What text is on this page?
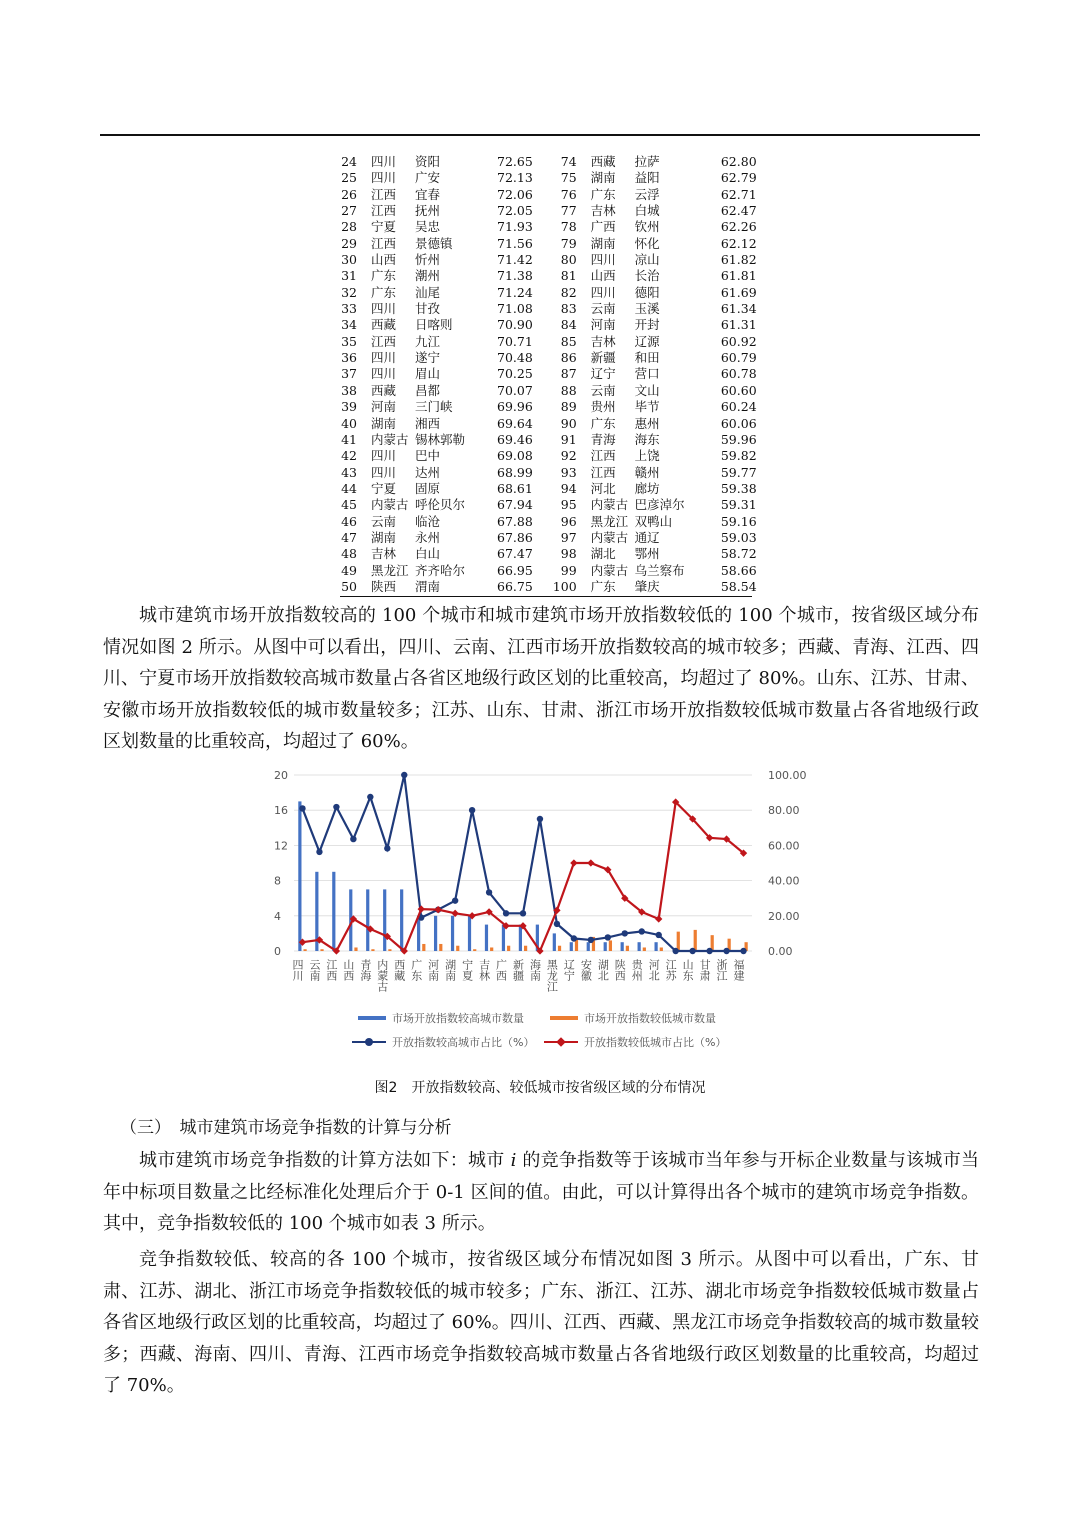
24	四川	资阳	72.65	74	西藏	拉萨	62.80
25	四川	广安	72.13	75	湖南	益阳	62.79
26	江西	宜春	72.06	76	广东	云浮	62.71
27	江西	抚州	72.05	77	吉林	白城	62.47
28	宁夏	吴忠	71.93	78	广西	钦州	62.26
29	江西	景德镇	71.56	79	湖南	怀化	62.12
30	山西	忻州	71.42	80	四川	凉山	61.82
31	广东	潮州	71.38	81	山西	长治	61.81
32	广东	汕尾	71.24	82	四川	德阳	61.69
33	四川	甘孜	71.08	83	云南	玉溪	61.34
34	西藏	日喀则	70.90	84	河南	开封	61.31
35	江西	九江	70.71	85	吉林	辽源	60.92
36	四川	遂宁	70.48	86	新疆	和田	60.79
37	四川	眉山	70.25	87	辽宁	营口	60.78
38	西藏	昌都	70.07	88	云南	文山	60.60
39	河南	三门峡	69.96	89	贵州	毕节	60.24
40	湖南	湘西	69.64	90	广东	惠州	60.06
41	内蒙古	锡林郭勒	69.46	91	青海	海东	59.96
42	四川	巴中	69.08	92	江西	上饶	59.82
43	四川	达州	68.99	93	江西	赣州	59.77
44	宁夏	固原	68.61	94	河北	廊坊	59.38
45	内蒙古	呼伦贝尔	67.94	95	内蒙古	巴彦淖尔	59.31
46	云南	临沧	67.88	96	黑龙江	双鸭山	59.16
47	湖南	永州	67.86	97	内蒙古	通辽	59.03
48	吉林	白山	67.47	98	湖北	鄂州	58.72
49	黑龙江	齐齐哈尔	66.95	99	内蒙古	乌兰察布	58.66
50	陕西	渭南	66.75	100	广东	肇庆	58.54

城市建筑市场开放指数较高的 100 个城市和城市建筑市场开放指数较低的 100 个城市，按省级区域分布情况如图 2 所示。从图中可以看出，四川、云南、江西市场开放指数较高的城市较多；西藏、青海、江西、四川、宁夏市场开放指数较高城市数量占各省区地级行政区划的比重较高，均超过了 80%。山东、江苏、甘肃、安徽市场开放指数较低的城市数量较多；江苏、山东、甘肃、浙江市场开放指数较低城市数量占各省地级行政区划数量的比重较高，均超过了 60%。

0
4
8
12
16
20
0.00
20.00
40.00
60.00
80.00
100.00
四川 云南 江西 山西 青海 内蒙古 西藏 广东 河南 湖南 宁夏 吉林 广西 新疆 海南 黑龙江 辽宁 安徽 湖北 陕西 贵州 河北 江苏 山东 甘肃 浙江 福建
市场开放指数较高城市数量	市场开放指数较低城市数量
开放指数较高城市占比（%）	开放指数较低城市占比（%）
图2　开放指数较高、较低城市按省级区域的分布情况
（三）　城市建筑市场竞争指数的计算与分析

城市建筑市场竞争指数的计算方法如下：城市 i 的竞争指数等于该城市当年参与开标企业数量与该城市当年中标项目数量之比经标准化处理后介于 0-1 区间的值。由此，可以计算得出各个城市的建筑市场竞争指数。其中，竞争指数较低的 100 个城市如表 3 所示。

竞争指数较低、较高的各 100 个城市，按省级区域分布情况如图 3 所示。从图中可以看出，广东、甘肃、江苏、湖北、浙江市场竞争指数较低的城市较多；广东、浙江、江苏、湖北市场竞争指数较低城市数量占各省区地级行政区划的比重较高，均超过了 60%。四川、江西、西藏、黑龙江市场竞争指数较高的城市数量较多；西藏、海南、四川、青海、江西市场竞争指数较高城市数量占各省地级行政区划数量的比重较高，均超过了 70%。
